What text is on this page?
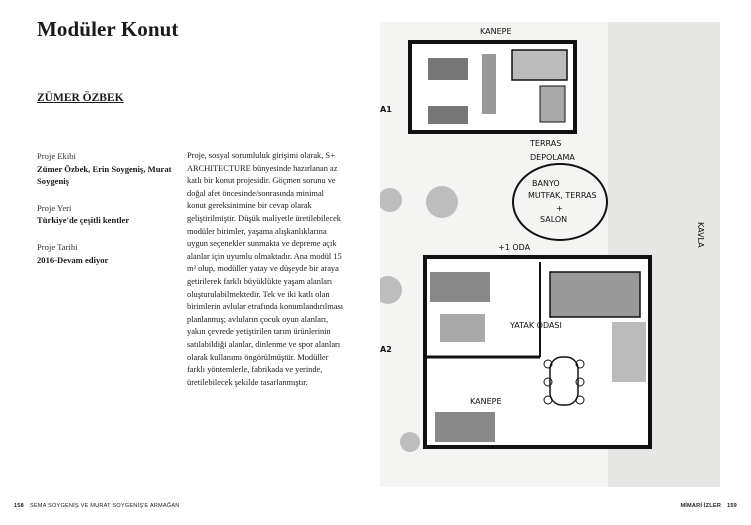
Modüler Konut
ZÜMER ÖZBEK
Proje Ekibi
Zümer Özbek, Erin Soygeniş, Murat Soygeniş
Proje Yeri
Türkiye'de çeşitli kentler
Proje Tarihi
2016-Devam ediyor
Proje, sosyal sorumluluk girişimi olarak, S+ ARCHITECTURE bünyesinde hazırlanan az katlı bir konut projesidir. Göçmen sorunu ve doğal afet öncesinde/sonrasında minimal konut gereksinimine bir cevap olarak geliştirilmiştir. Düşük maliyetle üretilebilecek modüler birimler, yaşama alışkanlıklarına uygun seçenekler sunmakta ve depreme açık alanlar için uyumlu olmaktadır. Ana modül 15 m² olup, modüller yatay ve düşeyde bir araya getirilerek farklı büyüklükte yaşam alanları oluşturulabilmektedir. Tek ve iki katlı olan birimlerin avlular etrafında konumlandırılması planlanmış; avluların çocuk oyun alanları, yakın çevrede yetiştirilen tarım ürünlerinin satılabildiği alanlar, dinlenme ve spor alanları olarak kullanımı öngörülmüştür. Modüller farklı yöntemlerle, fabrikada ve yerinde, üretilebilecek şekilde tasarlanmıştır.
A1
A2
KANEPE
TERRAS
DEPOLAMA
BANYO
MUTFAK, TERRAS
+
SALON
+1 ODA
YATAK ODASI
KANEPE
KAVLA
158 SEMA SOYGENİŞ VE MURAT SOYGENİŞ'E ARMAĞAN	MİMARİ İZLER 159
